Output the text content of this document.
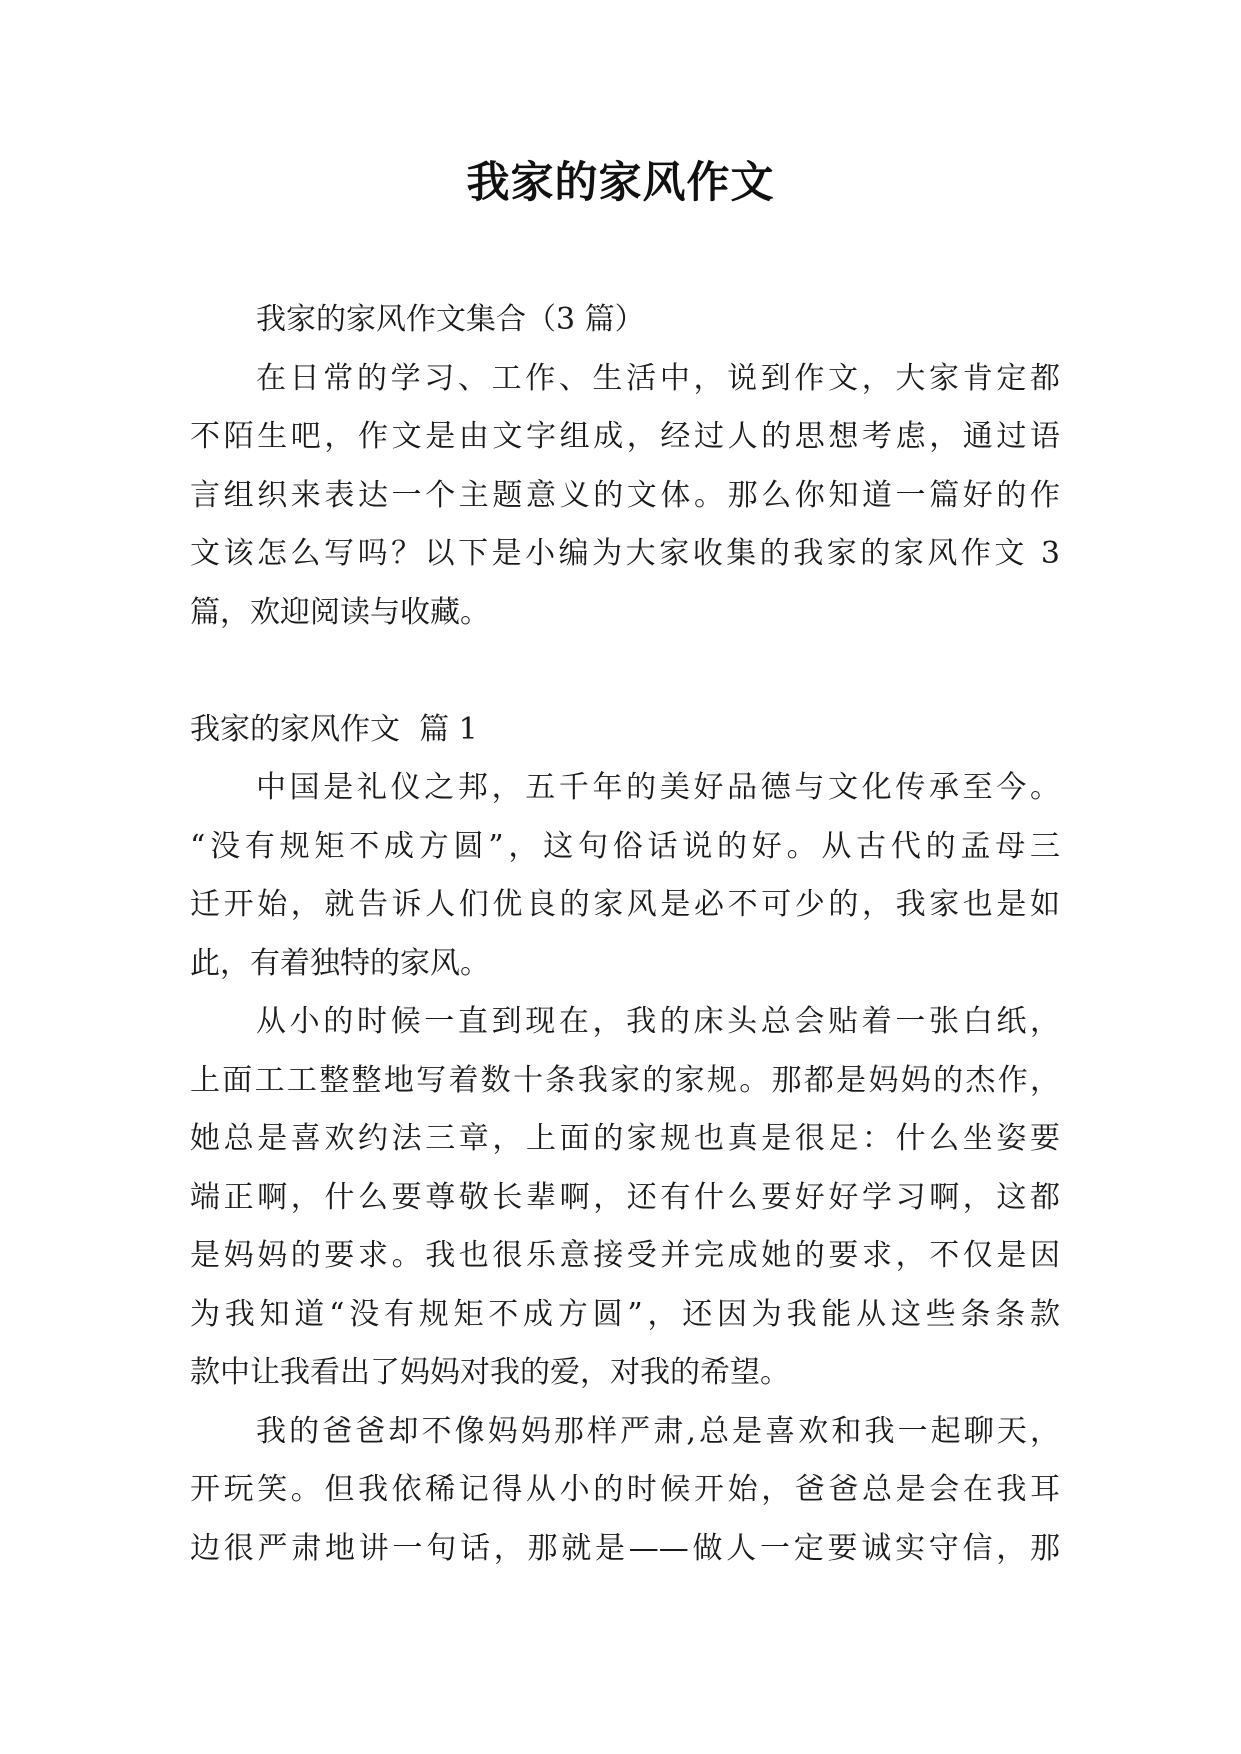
我家的家风作文
我家的家风作文集合（3 篇）
在日常的学习、工作、生活中，说到作文，大家肯定都
不陌生吧，作文是由文字组成，经过人的思想考虑，通过语
言组织来表达一个主题意义的文体。那么你知道一篇好的作
文该怎么写吗？以下是小编为大家收集的我家的家风作文 3
篇，欢迎阅读与收藏。
我家的家风作文  篇 1
中国是礼仪之邦，五千年的美好品德与文化传承至今。
“没有规矩不成方圆”，这句俗话说的好。从古代的孟母三
迁开始，就告诉人们优良的家风是必不可少的，我家也是如
此，有着独特的家风。
从小的时候一直到现在，我的床头总会贴着一张白纸，
上面工工整整地写着数十条我家的家规。那都是妈妈的杰作，
她总是喜欢约法三章，上面的家规也真是很足：什么坐姿要
端正啊，什么要尊敬长辈啊，还有什么要好好学习啊，这都
是妈妈的要求。我也很乐意接受并完成她的要求，不仅是因
为我知道“没有规矩不成方圆”，还因为我能从这些条条款
款中让我看出了妈妈对我的爱，对我的希望。
我的爸爸却不像妈妈那样严肃,总是喜欢和我一起聊天，
开玩笑。但我依稀记得从小的时候开始，爸爸总是会在我耳
边很严肃地讲一句话，那就是——做人一定要诚实守信，那
